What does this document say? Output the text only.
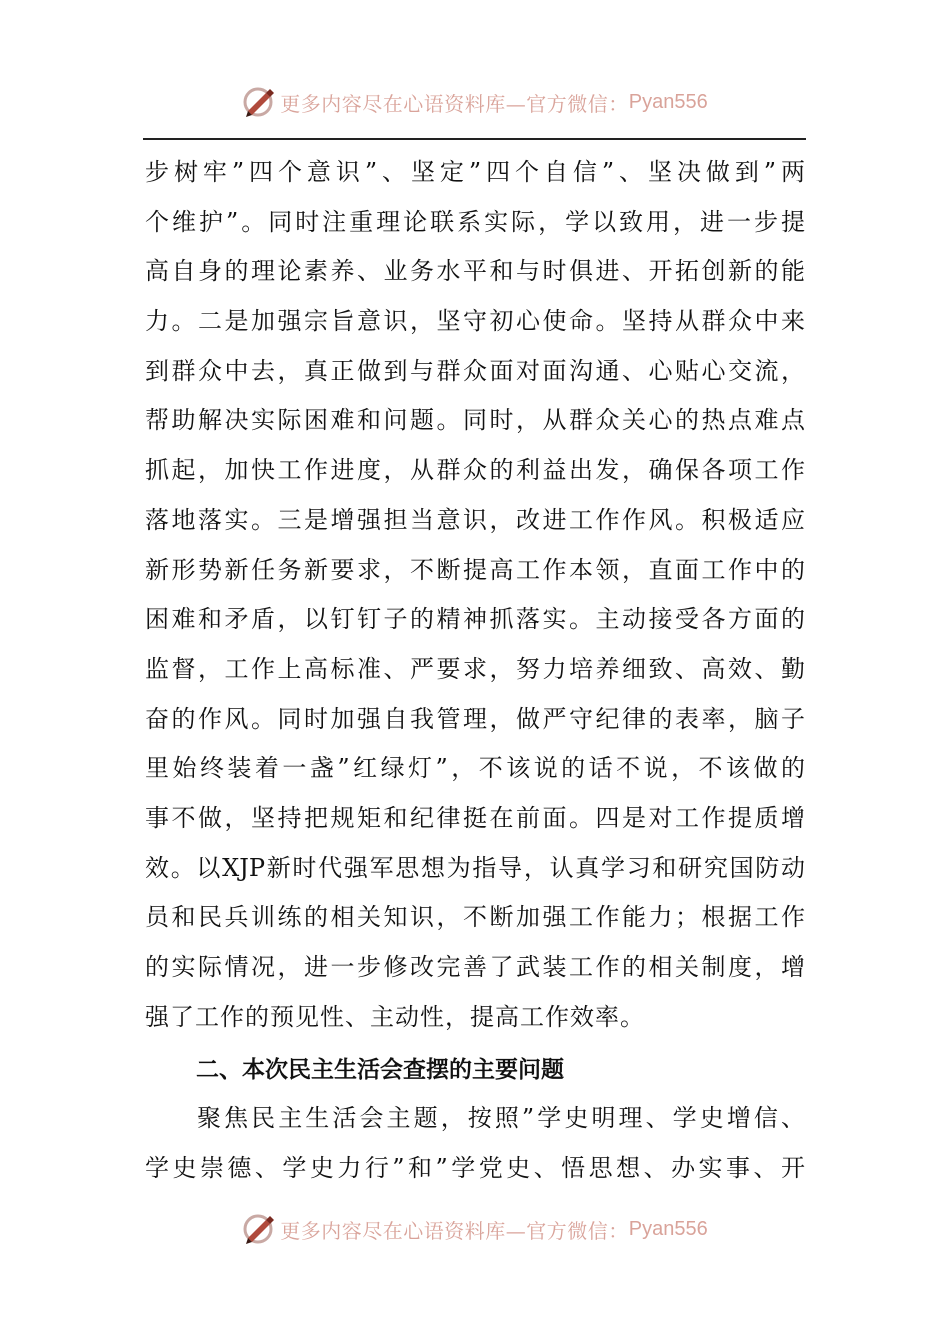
更多内容尽在心语资料库—官方微信： Pyan556
步树牢”四个意识”、坚定”四个自信”、坚决做到”两
个维护”。同时注重理论联系实际，学以致用，进一步提
高自身的理论素养、业务水平和与时俱进、开拓创新的能
力。二是加强宗旨意识，坚守初心使命。坚持从群众中来
到群众中去，真正做到与群众面对面沟通、心贴心交流，
帮助解决实际困难和问题。同时，从群众关心的热点难点
抓起，加快工作进度，从群众的利益出发，确保各项工作
落地落实。三是增强担当意识，改进工作作风。积极适应
新形势新任务新要求，不断提高工作本领，直面工作中的
困难和矛盾，以钉钉子的精神抓落实。主动接受各方面的
监督，工作上高标准、严要求，努力培养细致、高效、勤
奋的作风。同时加强自我管理，做严守纪律的表率，脑子
里始终装着一盏”红绿灯”，不该说的话不说，不该做的
事不做，坚持把规矩和纪律挺在前面。四是对工作提质增
效。以XJP新时代强军思想为指导，认真学习和研究国防动
员和民兵训练的相关知识，不断加强工作能力；根据工作
的实际情况，进一步修改完善了武装工作的相关制度，增
强了工作的预见性、主动性，提高工作效率。
二、本次民主生活会查摆的主要问题
聚焦民主生活会主题，按照”学史明理、学史增信、
学史崇德、学史力行”和”学党史、悟思想、办实事、开
更多内容尽在心语资料库—官方微信： Pyan556
